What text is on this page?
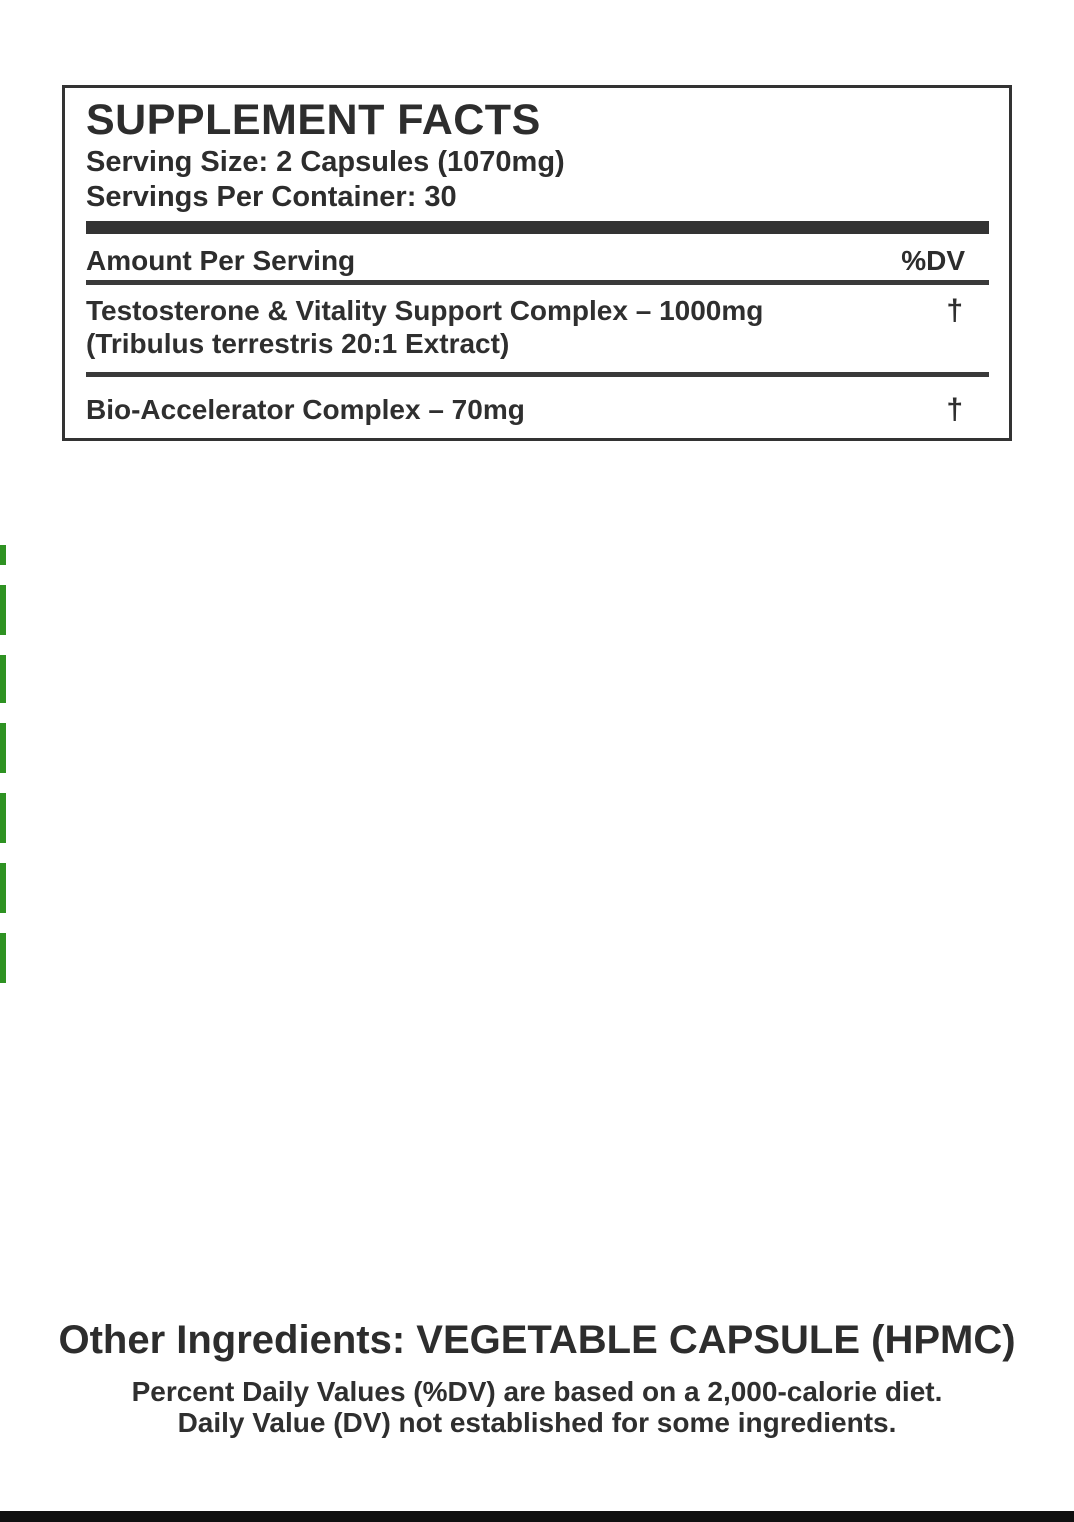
SUPPLEMENT FACTS
Serving Size: 2 Capsules (1070mg)
Servings Per Container: 30
Amount Per Serving	%DV
Testosterone & Vitality Support Complex – 1000mg
(Tribulus terrestris 20:1 Extract)
†
Bio-Accelerator Complex – 70mg	†
Other Ingredients: VEGETABLE CAPSULE (HPMC)
Percent Daily Values (%DV) are based on a 2,000-calorie diet.
Daily Value (DV) not established for some ingredients.
